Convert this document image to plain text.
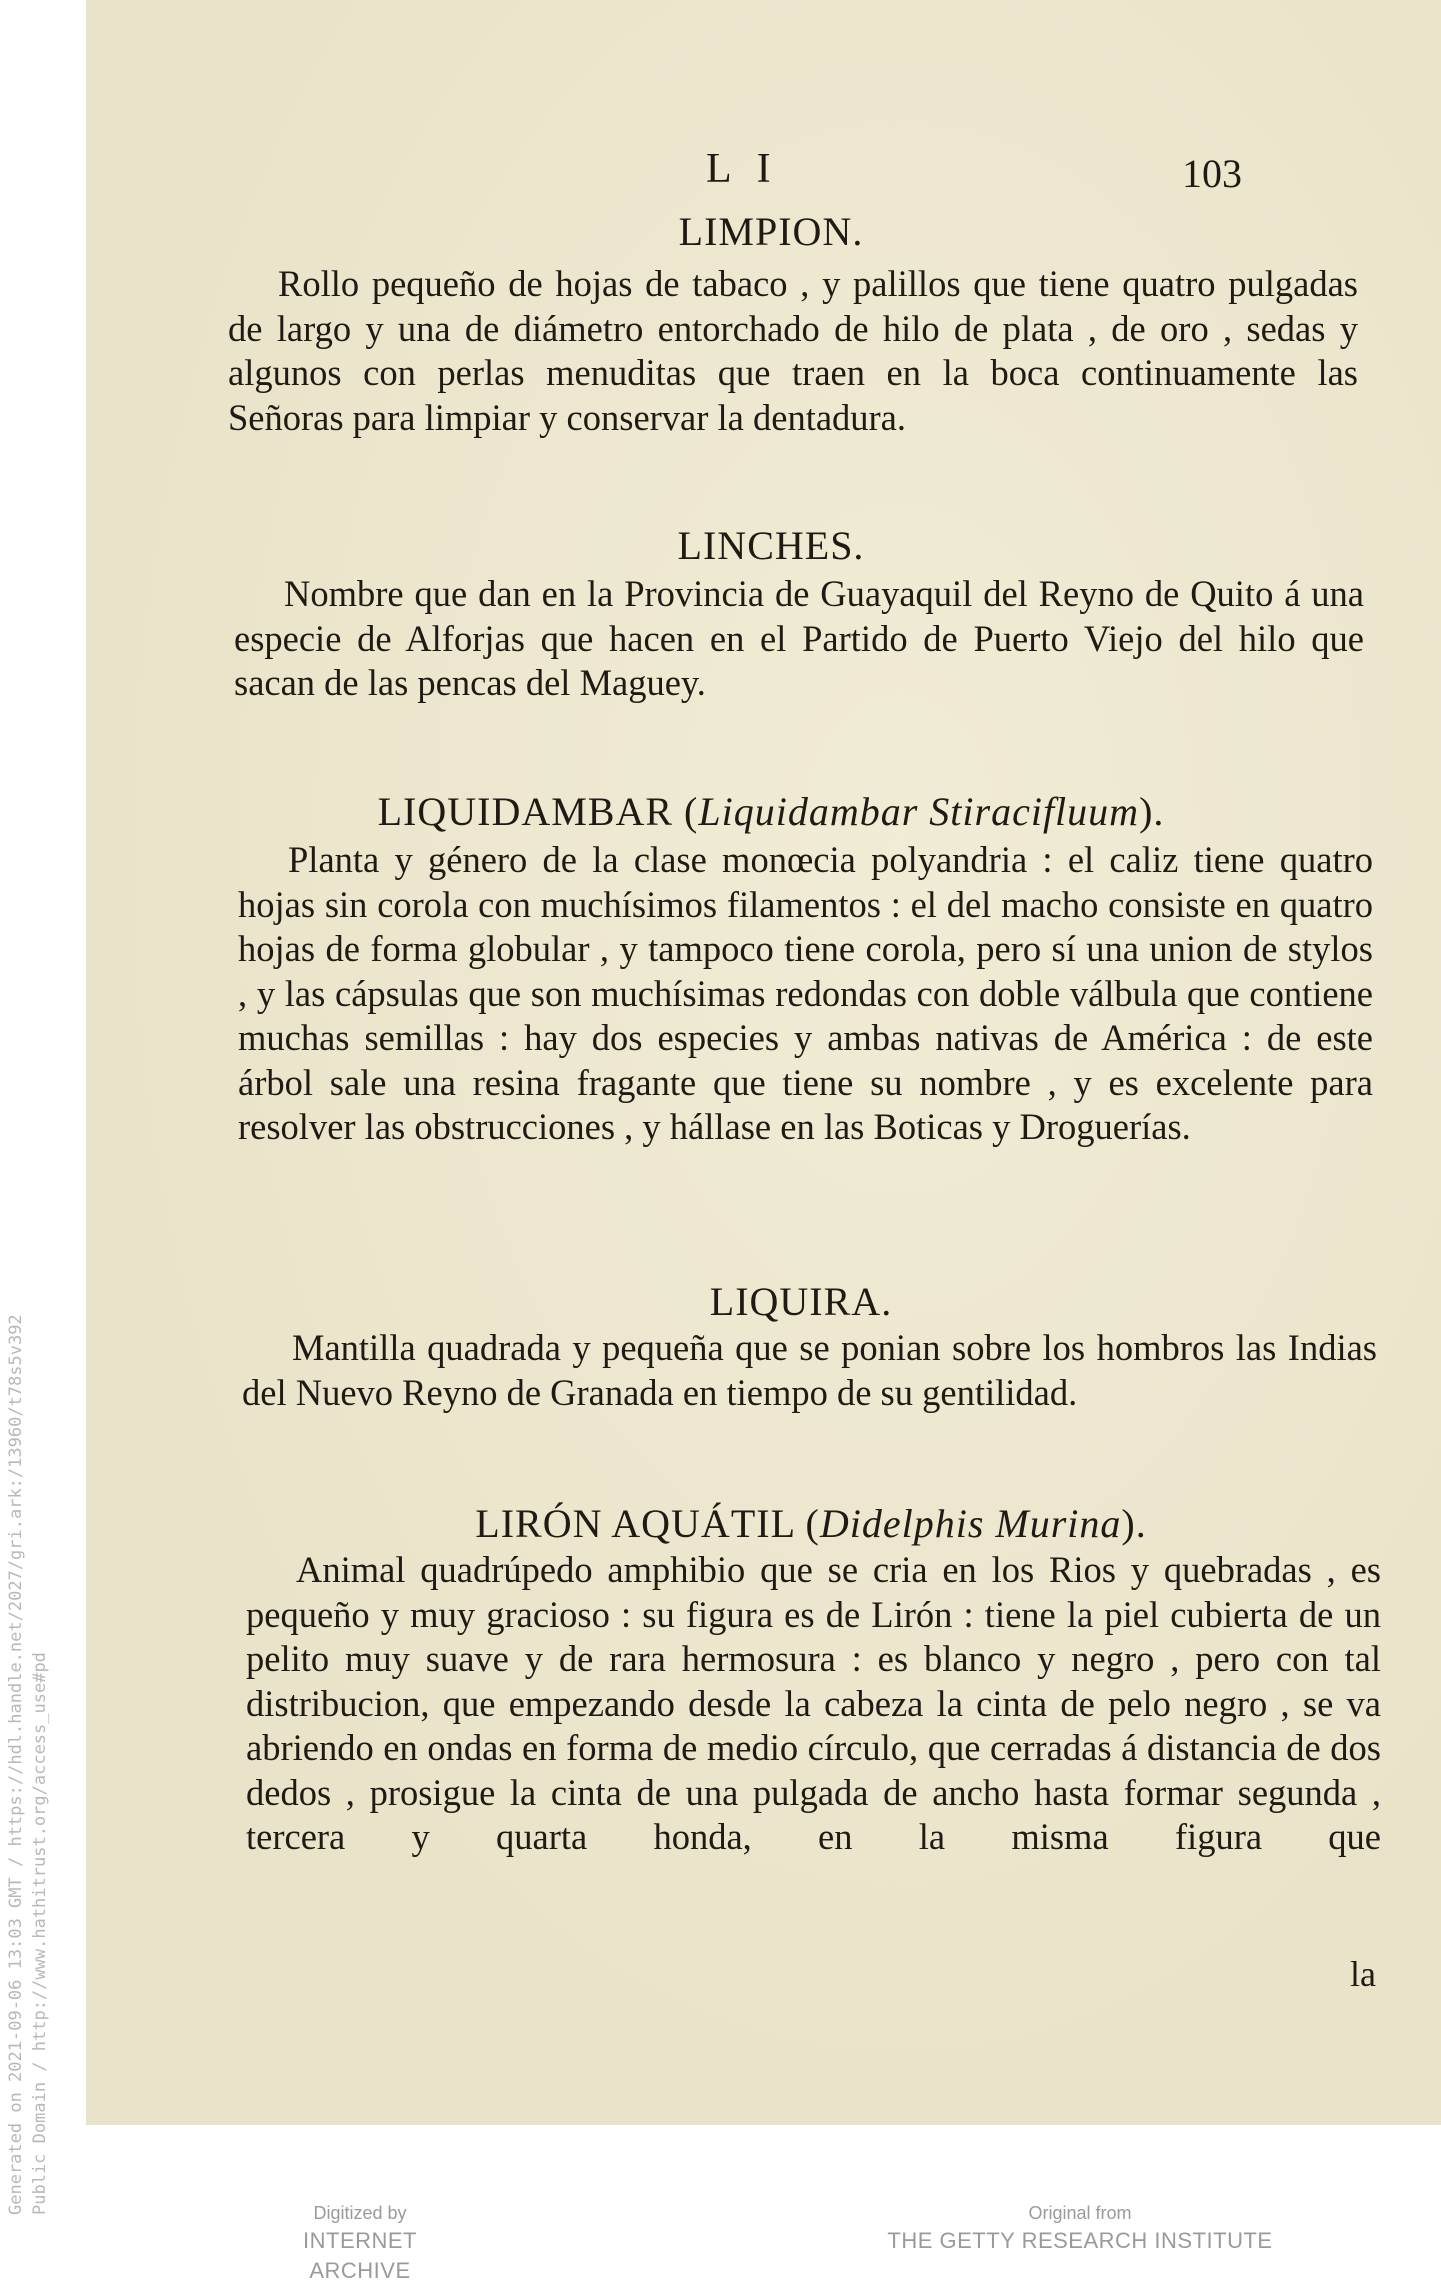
Generated on 2021-09-06 13:03 GMT / https://hdl.handle.net/2027/gri.ark:/13960/t78s5v392 Public Domain / http://www.hathitrust.org/access_use#pd
L I	103
LIMPION.
Rollo pequeño de hojas de tabaco , y palillos que tiene quatro pulgadas de largo y una de diámetro entorchado de hilo de plata , de oro , sedas y algunos con perlas menuditas que traen en la boca continuamente las Señoras para limpiar y conservar la dentadura.
LINCHES.
Nombre que dan en la Provincia de Guayaquil del Reyno de Quito á una especie de Alforjas que hacen en el Partido de Puerto Viejo del hilo que sacan de las pencas del Maguey.
LIQUIDAMBAR (Liquidambar Stiracifluum).
Planta y género de la clase monœcia polyandria : el caliz tiene quatro hojas sin corola con muchísimos filamentos : el del macho consiste en quatro hojas de forma globular , y tampoco tiene corola, pero sí una union de stylos , y las cápsulas que son muchísimas redondas con doble válbula que contiene muchas semillas : hay dos especies y ambas nativas de América : de este árbol sale una resina fragante que tiene su nombre , y es excelente para resolver las obstrucciones , y hállase en las Boticas y Droguerías.
LIQUIRA.
Mantilla quadrada y pequeña que se ponian sobre los hombros las Indias del Nuevo Reyno de Granada en tiempo de su gentilidad.
LIRÓN AQUÁTIL (Didelphis Murina).
Animal quadrúpedo amphibio que se cria en los Rios y quebradas , es pequeño y muy gracioso : su figura es de Lirón : tiene la piel cubierta de un pelito muy suave y de rara hermosura : es blanco y negro , pero con tal distribucion, que empezando desde la cabeza la cinta de pelo negro , se va abriendo en ondas en forma de medio círculo, que cerradas á distancia de dos dedos , prosigue la cinta de una pulgada de ancho hasta formar segunda , tercera y quarta honda, en la misma figura que
la
Digitized by
INTERNET ARCHIVE
Original from
THE GETTY RESEARCH INSTITUTE
